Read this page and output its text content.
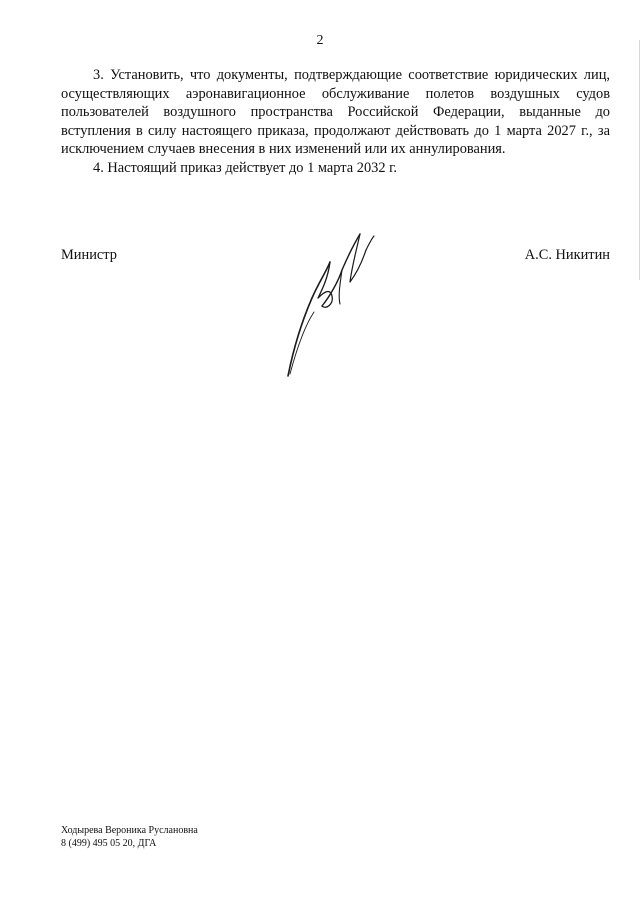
2

3. Установить, что документы, подтверждающие соответствие юридических лиц, осуществляющих аэронавигационное обслуживание полетов воздушных судов пользователей воздушного пространства Российской Федерации, выданные до вступления в силу настоящего приказа, продолжают действовать до 1 марта 2027 г., за исключением случаев внесения в них изменений или их аннулирования.

4. Настоящий приказ действует до 1 марта 2032 г.

Министр	А.С. Никитин
Ходырева Вероника Руслановна
8 (499) 495 05 20, ДГА
